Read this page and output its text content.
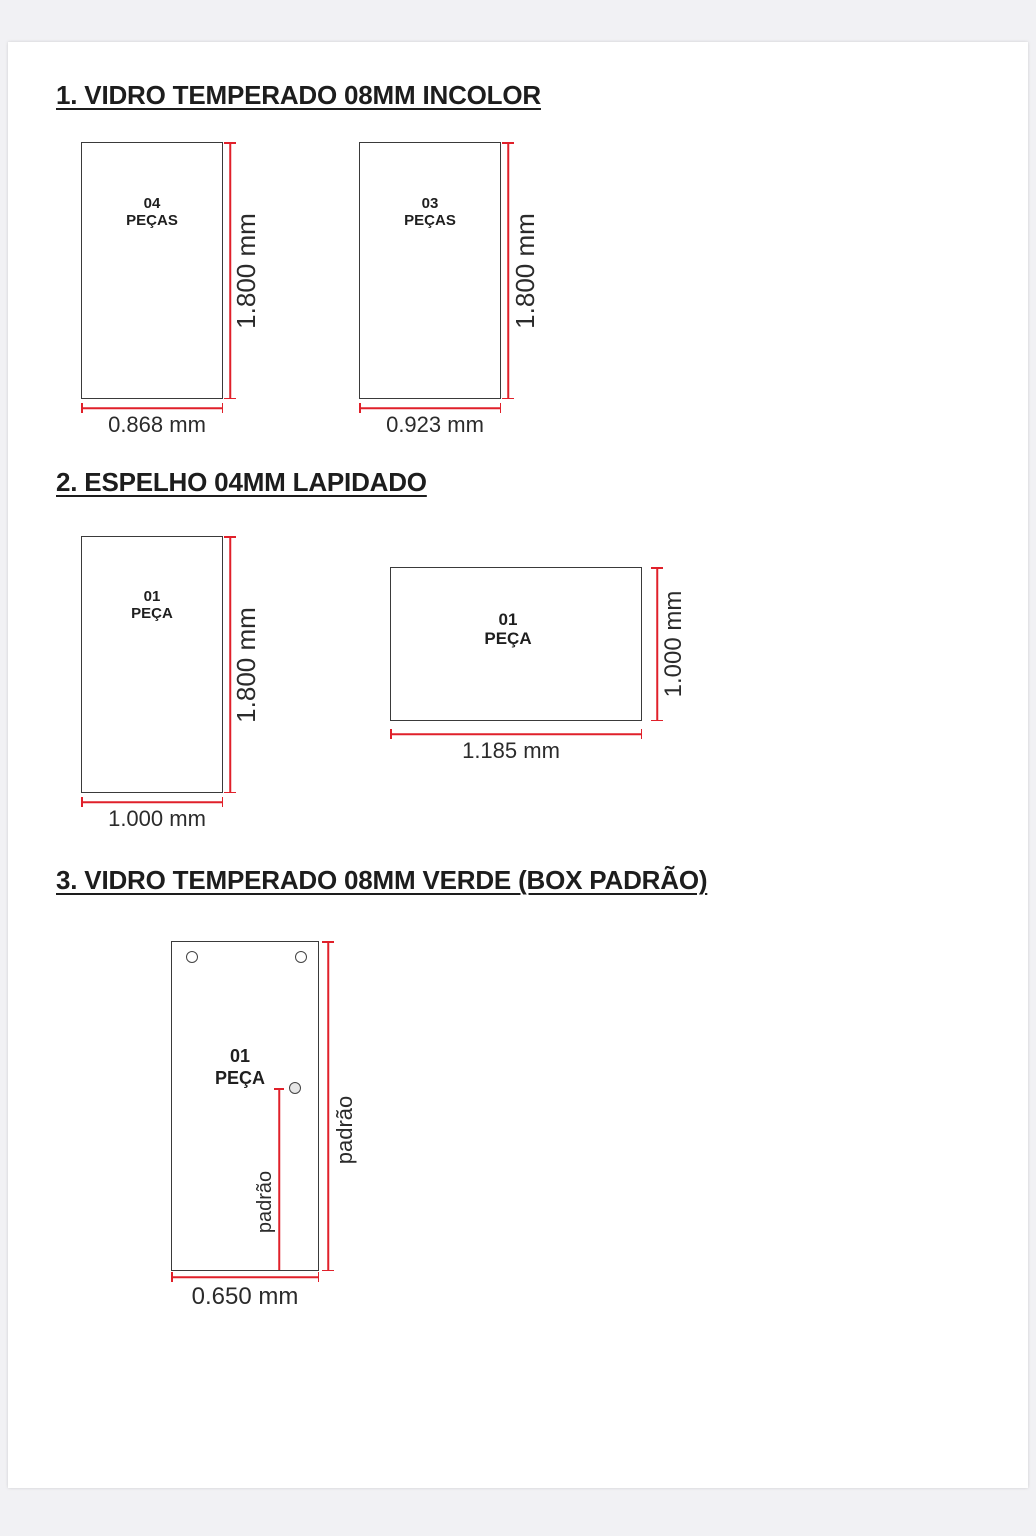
1. VIDRO TEMPERADO 08MM INCOLOR
04
PEÇAS	1.800 mm
0.868 mm
03
PEÇAS	1.800 mm
0.923 mm
2. ESPELHO 04MM LAPIDADO
01
PEÇA	1.800 mm
1.000 mm
01
PEÇA	1.000 mm
1.185 mm
3. VIDRO TEMPERADO 08MM VERDE (BOX PADRÃO)
01
PEÇA
padrão
padrão
0.650 mm
